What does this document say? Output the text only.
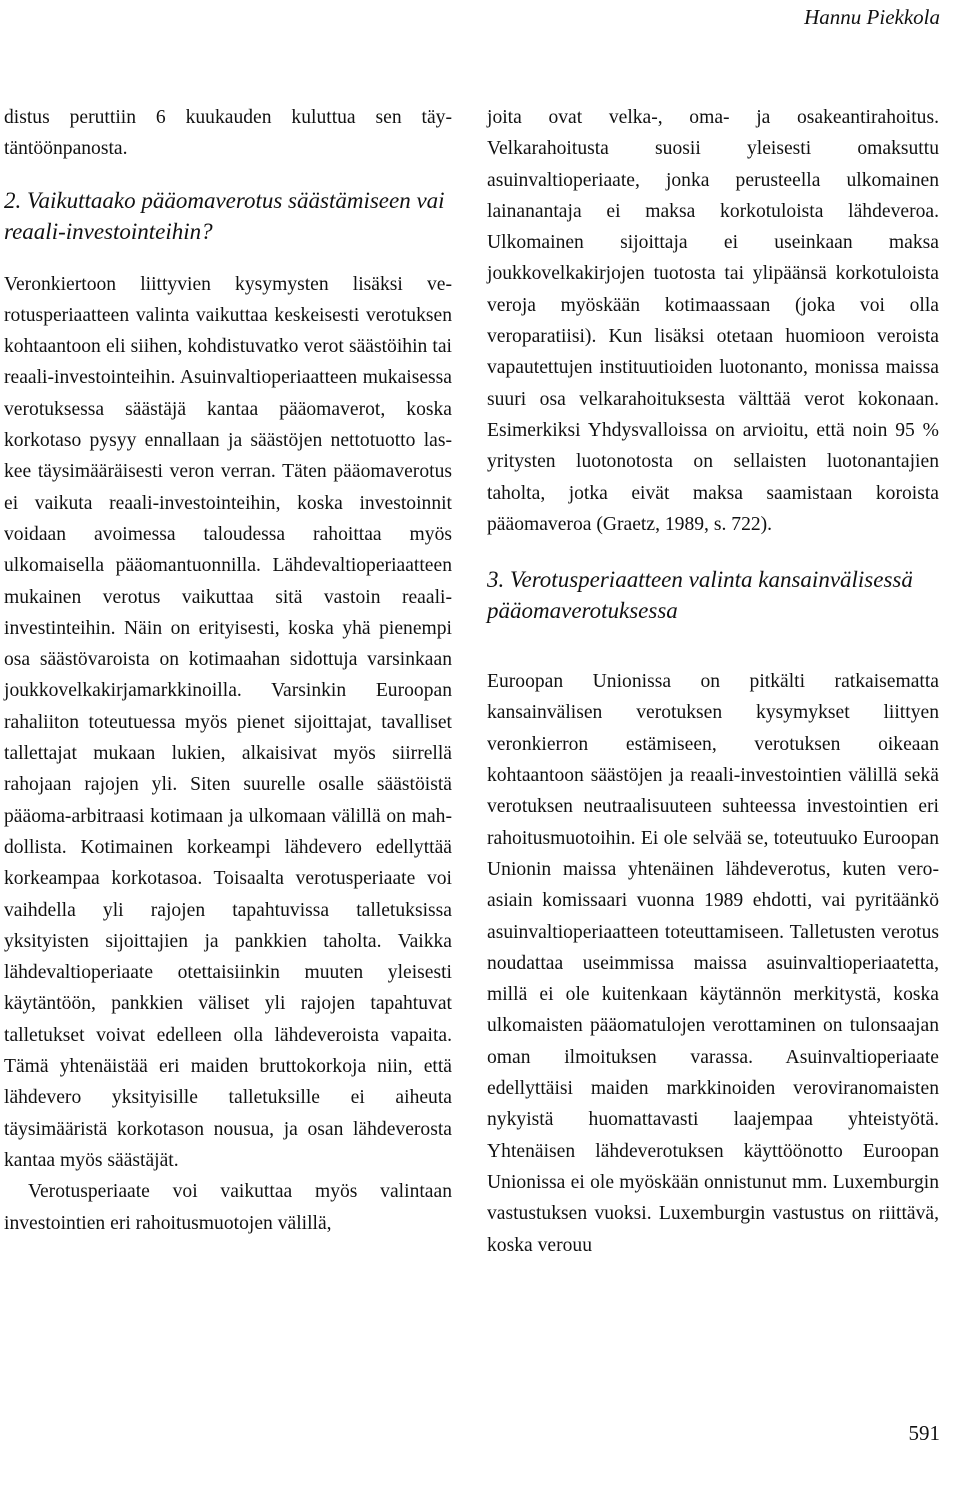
Hannu Piekkola

distus peruttiin 6 kuukauden kuluttua sen täytäntöönpanosta.

2. Vaikuttaako pääomaverotus säästämiseen vai reaali-investointeihin?

Veronkiertoon liittyvien kysymysten lisäksi verotusperiaatteen valinta vaikuttaa keskeisesti verotuksen kohtaantoon eli siihen, kohdistuvatko verot säästöihin tai reaali-investointeihin. Asuinvaltioperiaatteen mukaisessa verotuksessa säästäjä kantaa pääomaverot, koska korkotaso pysyy ennallaan ja säästöjen nettotuotto laskee täysimääräisesti veron verran. Täten pääomaverotus ei vaikuta reaali-investointeihin, koska investoinnit voidaan avoimessa taloudessa rahoittaa myös ulkomaisella pääomantuonnilla. Lähdevaltioperiaatteen mukainen verotus vaikuttaa sitä vastoin reaali-investinteihin. Näin on erityisesti, koska yhä pienempi osa säästövaroista on kotimaahan sidottuja varsinkaan joukkovelkakirjamarkkinoilla. Varsinkin Euroopan rahaliiton toteutuessa myös pienet sijoittajat, tavalliset tallettajat mukaan lukien, alkaisivat myös siirrellä rahojaan rajojen yli. Siten suurelle osalle säästöistä pääoma-arbitraasi kotimaan ja ulkomaan välillä on mahdollista. Kotimainen korkeampi lähdevero edellyttää korkeampaa korkotasoa. Toisaalta verotusperiaate voi vaihdella yli rajojen tapahtuvissa talletuksissa yksityisten sijoittajien ja pankkien taholta. Vaikka lähdevaltioperiaate otettaisiinkin muuten yleisesti käytäntöön, pankkien väliset yli rajojen tapahtuvat talletukset voivat edelleen olla lähdeveroista vapaita. Tämä yhtenäistää eri maiden bruttokorkoja niin, että lähdevero yksityisille talletuksille ei aiheuta täysimääristä korkotason nousua, ja osan lähdeverosta kantaa myös säästäjät.

Verotusperiaate voi vaikuttaa myös valintaan investointien eri rahoitusmuotojen välillä,

joita ovat velka-, oma- ja osakeantirahoitus. Velkarahoitusta suosii yleisesti omaksuttu asuinvaltioperiaate, jonka perusteella ulkomainen lainanantaja ei maksa korkotuloista lähdeveroa. Ulkomainen sijoittaja ei useinkaan maksa joukkovelkakirjojen tuotosta tai ylipäänsä korkotuloista veroja myöskään kotimaassaan (joka voi olla veroparatiisi). Kun lisäksi otetaan huomioon veroista vapautettujen instituutioiden luotonanto, monissa maissa suuri osa velkarahoituksesta välttää verot kokonaan. Esimerkiksi Yhdysvalloissa on arvioitu, että noin 95 % yritysten luotonotosta on sellaisten luotonantajien taholta, jotka eivät maksa saamistaan koroista pääomaveroa (Graetz, 1989, s. 722).

3. Verotusperiaatteen valinta kansainvälisessä pääomaverotuksessa

Euroopan Unionissa on pitkälti ratkaisematta kansainvälisen verotuksen kysymykset liittyen veronkierron estämiseen, verotuksen oikeaan kohtaantoon säästöjen ja reaali-investointien välillä sekä verotuksen neutraalisuuteen suhteessa investointien eri rahoitusmuotoihin. Ei ole selvää se, toteutuuko Euroopan Unionin maissa yhtenäinen lähdeverotus, kuten veroasiain komissaari vuonna 1989 ehdotti, vai pyritäänkö asuinvaltioperiaatteen toteuttamiseen. Talletusten verotus noudattaa useimmissa maissa asuinvaltioperiaatetta, millä ei ole kuitenkaan käytännön merkitystä, koska ulkomaisten pääomatulojen verottaminen on tulonsaajan oman ilmoituksen varassa. Asuinvaltioperiaate edellyttäisi maiden markkinoiden veroviranomaisten nykyistä huomattavasti laajempaa yhteistyötä. Yhtenäisen lähdeverotuksen käyttöönotto Euroopan Unionissa ei ole myöskään onnistunut mm. Luxemburgin vastustuksen vuoksi. Luxemburgin vastustus on riittävä, koska verouu

591
